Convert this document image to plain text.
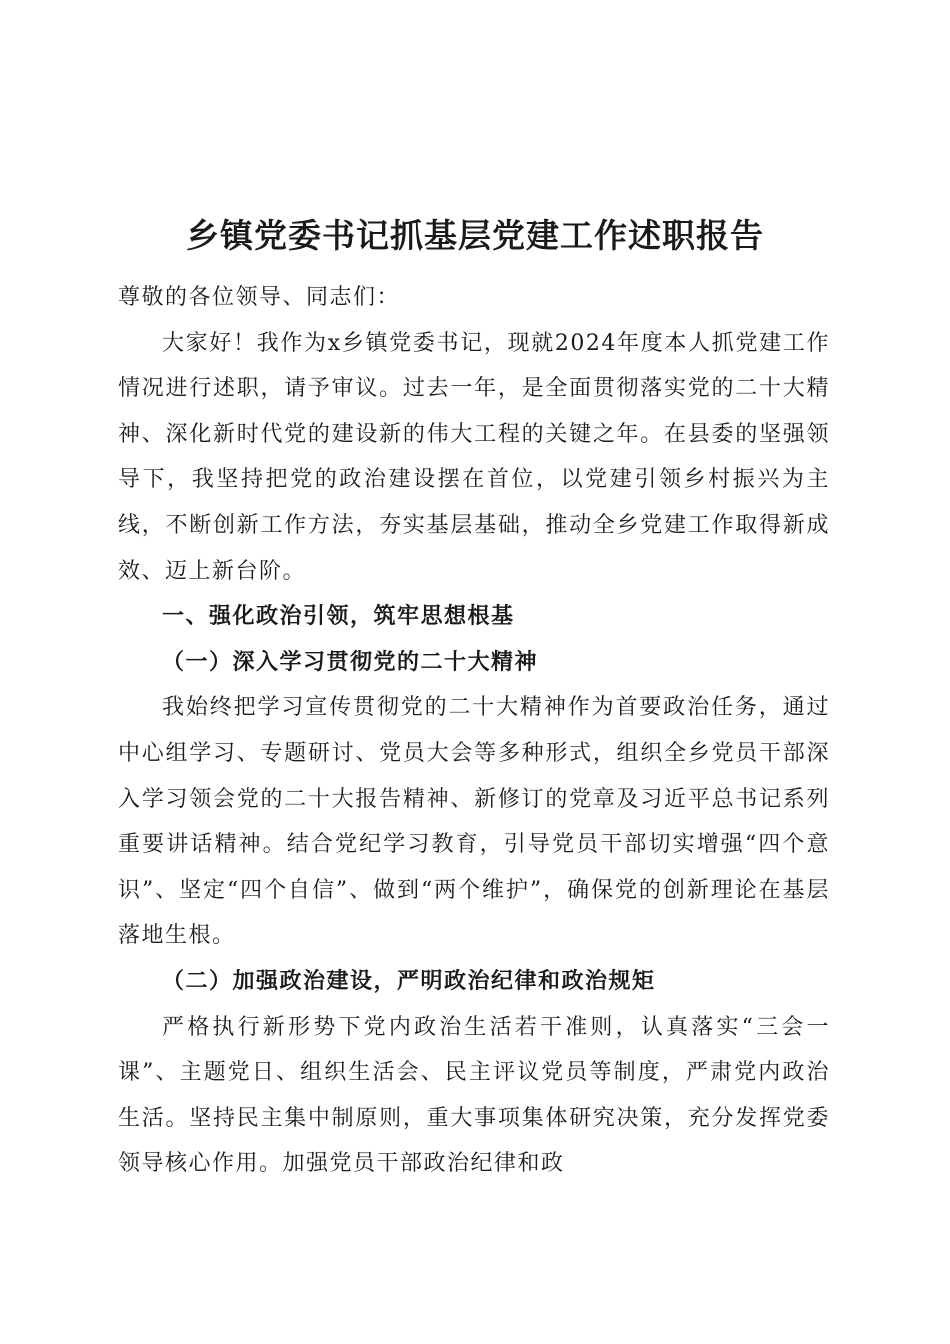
乡镇党委书记抓基层党建工作述职报告

尊敬的各位领导、同志们：

大家好！我作为x乡镇党委书记，现就2024年度本人抓党建工作情况进行述职，请予审议。过去一年，是全面贯彻落实党的二十大精神、深化新时代党的建设新的伟大工程的关键之年。在县委的坚强领导下，我坚持把党的政治建设摆在首位，以党建引领乡村振兴为主线，不断创新工作方法，夯实基层基础，推动全乡党建工作取得新成效、迈上新台阶。

一、强化政治引领，筑牢思想根基

（一）深入学习贯彻党的二十大精神

我始终把学习宣传贯彻党的二十大精神作为首要政治任务，通过中心组学习、专题研讨、党员大会等多种形式，组织全乡党员干部深入学习领会党的二十大报告精神、新修订的党章及习近平总书记系列重要讲话精神。结合党纪学习教育，引导党员干部切实增强“四个意识”、坚定“四个自信”、做到“两个维护”，确保党的创新理论在基层落地生根。

（二）加强政治建设，严明政治纪律和政治规矩

严格执行新形势下党内政治生活若干准则，认真落实“三会一课”、主题党日、组织生活会、民主评议党员等制度，严肃党内政治生活。坚持民主集中制原则，重大事项集体研究决策，充分发挥党委领导核心作用。加强党员干部政治纪律和政
